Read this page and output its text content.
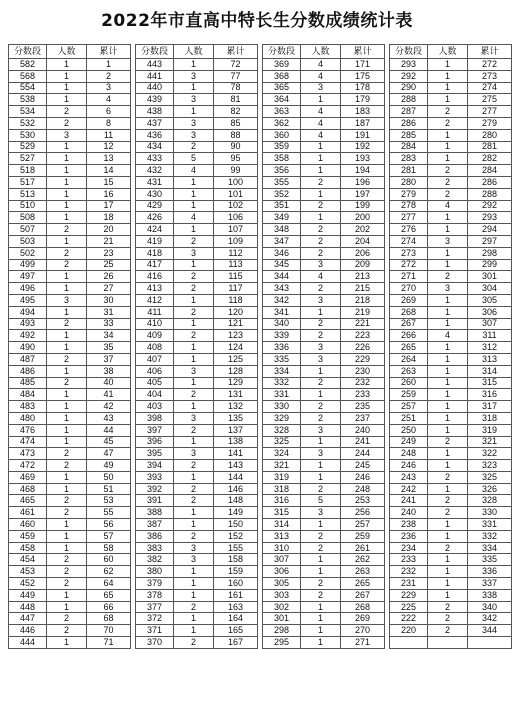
2022年市直高中特长生分数成绩统计表
分数段	人数	累计
582	1	1
568	1	2
554	1	3
538	1	4
534	2	6
532	2	8
530	3	11
529	1	12
527	1	13
518	1	14
517	1	15
513	1	16
510	1	17
508	1	18
507	2	20
503	1	21
502	2	23
499	2	25
497	1	26
496	1	27
495	3	30
494	1	31
493	2	33
492	1	34
490	1	35
487	2	37
486	1	38
485	2	40
484	1	41
483	1	42
480	1	43
476	1	44
474	1	45
473	2	47
472	2	49
469	1	50
468	1	51
465	2	53
461	2	55
460	1	56
459	1	57
458	1	58
454	2	60
453	2	62
452	2	64
449	1	65
448	1	66
447	2	68
446	2	70
444	1	71
分数段	人数	累计
443	1	72
441	3	77
440	1	78
439	3	81
438	1	82
437	3	85
436	3	88
434	2	90
433	5	95
432	4	99
431	1	100
430	1	101
429	1	102
426	4	106
424	1	107
419	2	109
418	3	112
417	1	113
416	2	115
413	2	117
412	1	118
411	2	120
410	1	121
409	2	123
408	1	124
407	1	125
406	3	128
405	1	129
404	2	131
403	1	132
398	3	135
397	2	137
396	1	138
395	3	141
394	2	143
393	1	144
392	2	146
391	2	148
388	1	149
387	1	150
386	2	152
383	3	155
382	3	158
380	1	159
379	1	160
378	1	161
377	2	163
372	1	164
371	1	165
370	2	167
分数段	人数	累计
369	4	171
368	4	175
365	3	178
364	1	179
363	4	183
362	4	187
360	4	191
359	1	192
358	1	193
356	1	194
355	2	196
352	1	197
351	2	199
349	1	200
348	2	202
347	2	204
346	2	206
345	3	209
344	4	213
343	2	215
342	3	218
341	1	219
340	2	221
339	2	223
336	3	226
335	3	229
334	1	230
332	2	232
331	1	233
330	2	235
329	2	237
328	3	240
325	1	241
324	3	244
321	1	245
319	1	246
318	2	248
316	5	253
315	3	256
314	1	257
313	2	259
310	2	261
307	1	262
306	1	263
305	2	265
303	2	267
302	1	268
301	1	269
298	1	270
295	1	271
分数段	人数	累计
293	1	272
292	1	273
290	1	274
288	1	275
287	2	277
286	2	279
285	1	280
284	1	281
283	1	282
281	2	284
280	2	286
279	2	288
278	4	292
277	1	293
276	1	294
274	3	297
273	1	298
272	1	299
271	2	301
270	3	304
269	1	305
268	1	306
267	1	307
266	4	311
265	1	312
264	1	313
263	1	314
260	1	315
259	1	316
257	1	317
251	1	318
250	1	319
249	2	321
248	1	322
246	1	323
243	2	325
242	1	326
241	2	328
240	2	330
238	1	331
236	1	332
234	2	334
233	1	335
232	1	336
231	1	337
229	1	338
225	2	340
222	2	342
220	2	344
